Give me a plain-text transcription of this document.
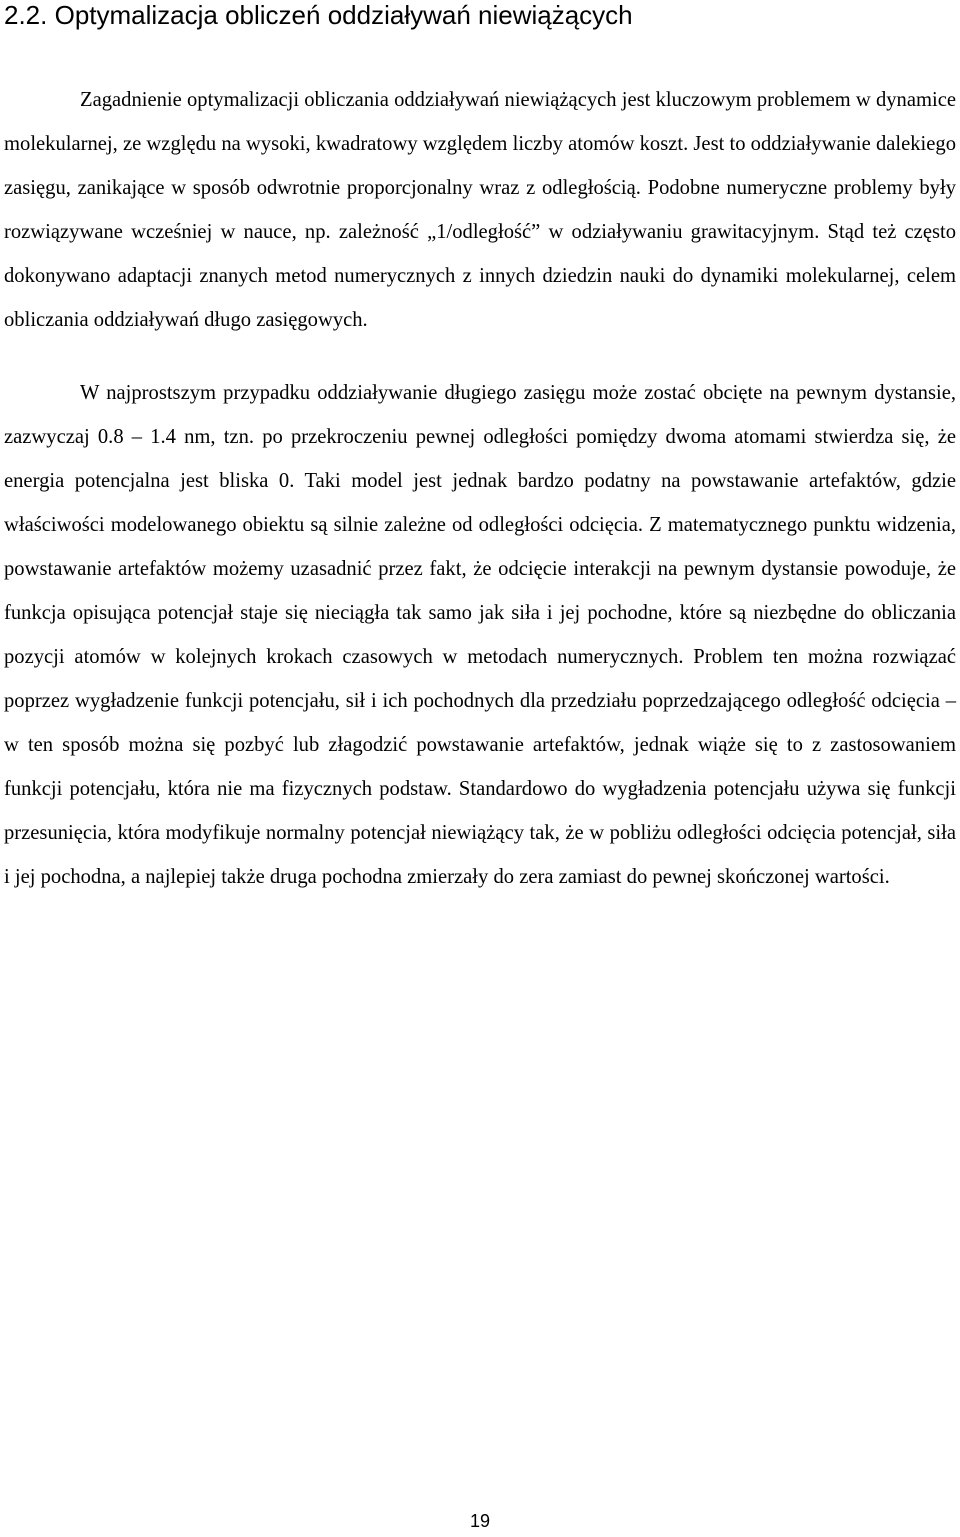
2.2. Optymalizacja obliczeń oddziaływań niewiążących

Zagadnienie optymalizacji obliczania oddziaływań niewiążących jest kluczowym problemem w dynamice molekularnej, ze względu na wysoki, kwadratowy względem liczby atomów koszt. Jest to oddziaływanie dalekiego zasięgu, zanikające w sposób odwrotnie proporcjonalny wraz z odległością. Podobne numeryczne problemy były rozwiązywane wcześniej w nauce, np. zależność „1/odległość” w odziaływaniu grawitacyjnym. Stąd też często dokonywano adaptacji znanych metod numerycznych z innych dziedzin nauki do dynamiki molekularnej, celem obliczania oddziaływań długo zasięgowych.

W najprostszym przypadku oddziaływanie długiego zasięgu może zostać obcięte na pewnym dystansie, zazwyczaj 0.8 – 1.4 nm, tzn. po przekroczeniu pewnej odległości pomiędzy dwoma atomami stwierdza się, że energia potencjalna jest bliska 0. Taki model jest jednak bardzo podatny na powstawanie artefaktów, gdzie właściwości modelowanego obiektu są silnie zależne od odległości odcięcia. Z matematycznego punktu widzenia, powstawanie artefaktów możemy uzasadnić przez fakt, że odcięcie interakcji na pewnym dystansie powoduje, że funkcja opisująca potencjał staje się nieciągła tak samo jak siła i jej pochodne, które są niezbędne do obliczania pozycji atomów w kolejnych krokach czasowych w metodach numerycznych. Problem ten można rozwiązać poprzez wygładzenie funkcji potencjału, sił i ich pochodnych dla przedziału poprzedzającego odległość odcięcia – w ten sposób można się pozbyć lub złagodzić powstawanie artefaktów, jednak wiąże się to z zastosowaniem funkcji potencjału, która nie ma fizycznych podstaw. Standardowo do wygładzenia potencjału używa się funkcji przesunięcia, która modyfikuje normalny potencjał niewiążący tak, że w pobliżu odległości odcięcia potencjał, siła i jej pochodna, a najlepiej także druga pochodna zmierzały do zera zamiast do pewnej skończonej wartości.

19
